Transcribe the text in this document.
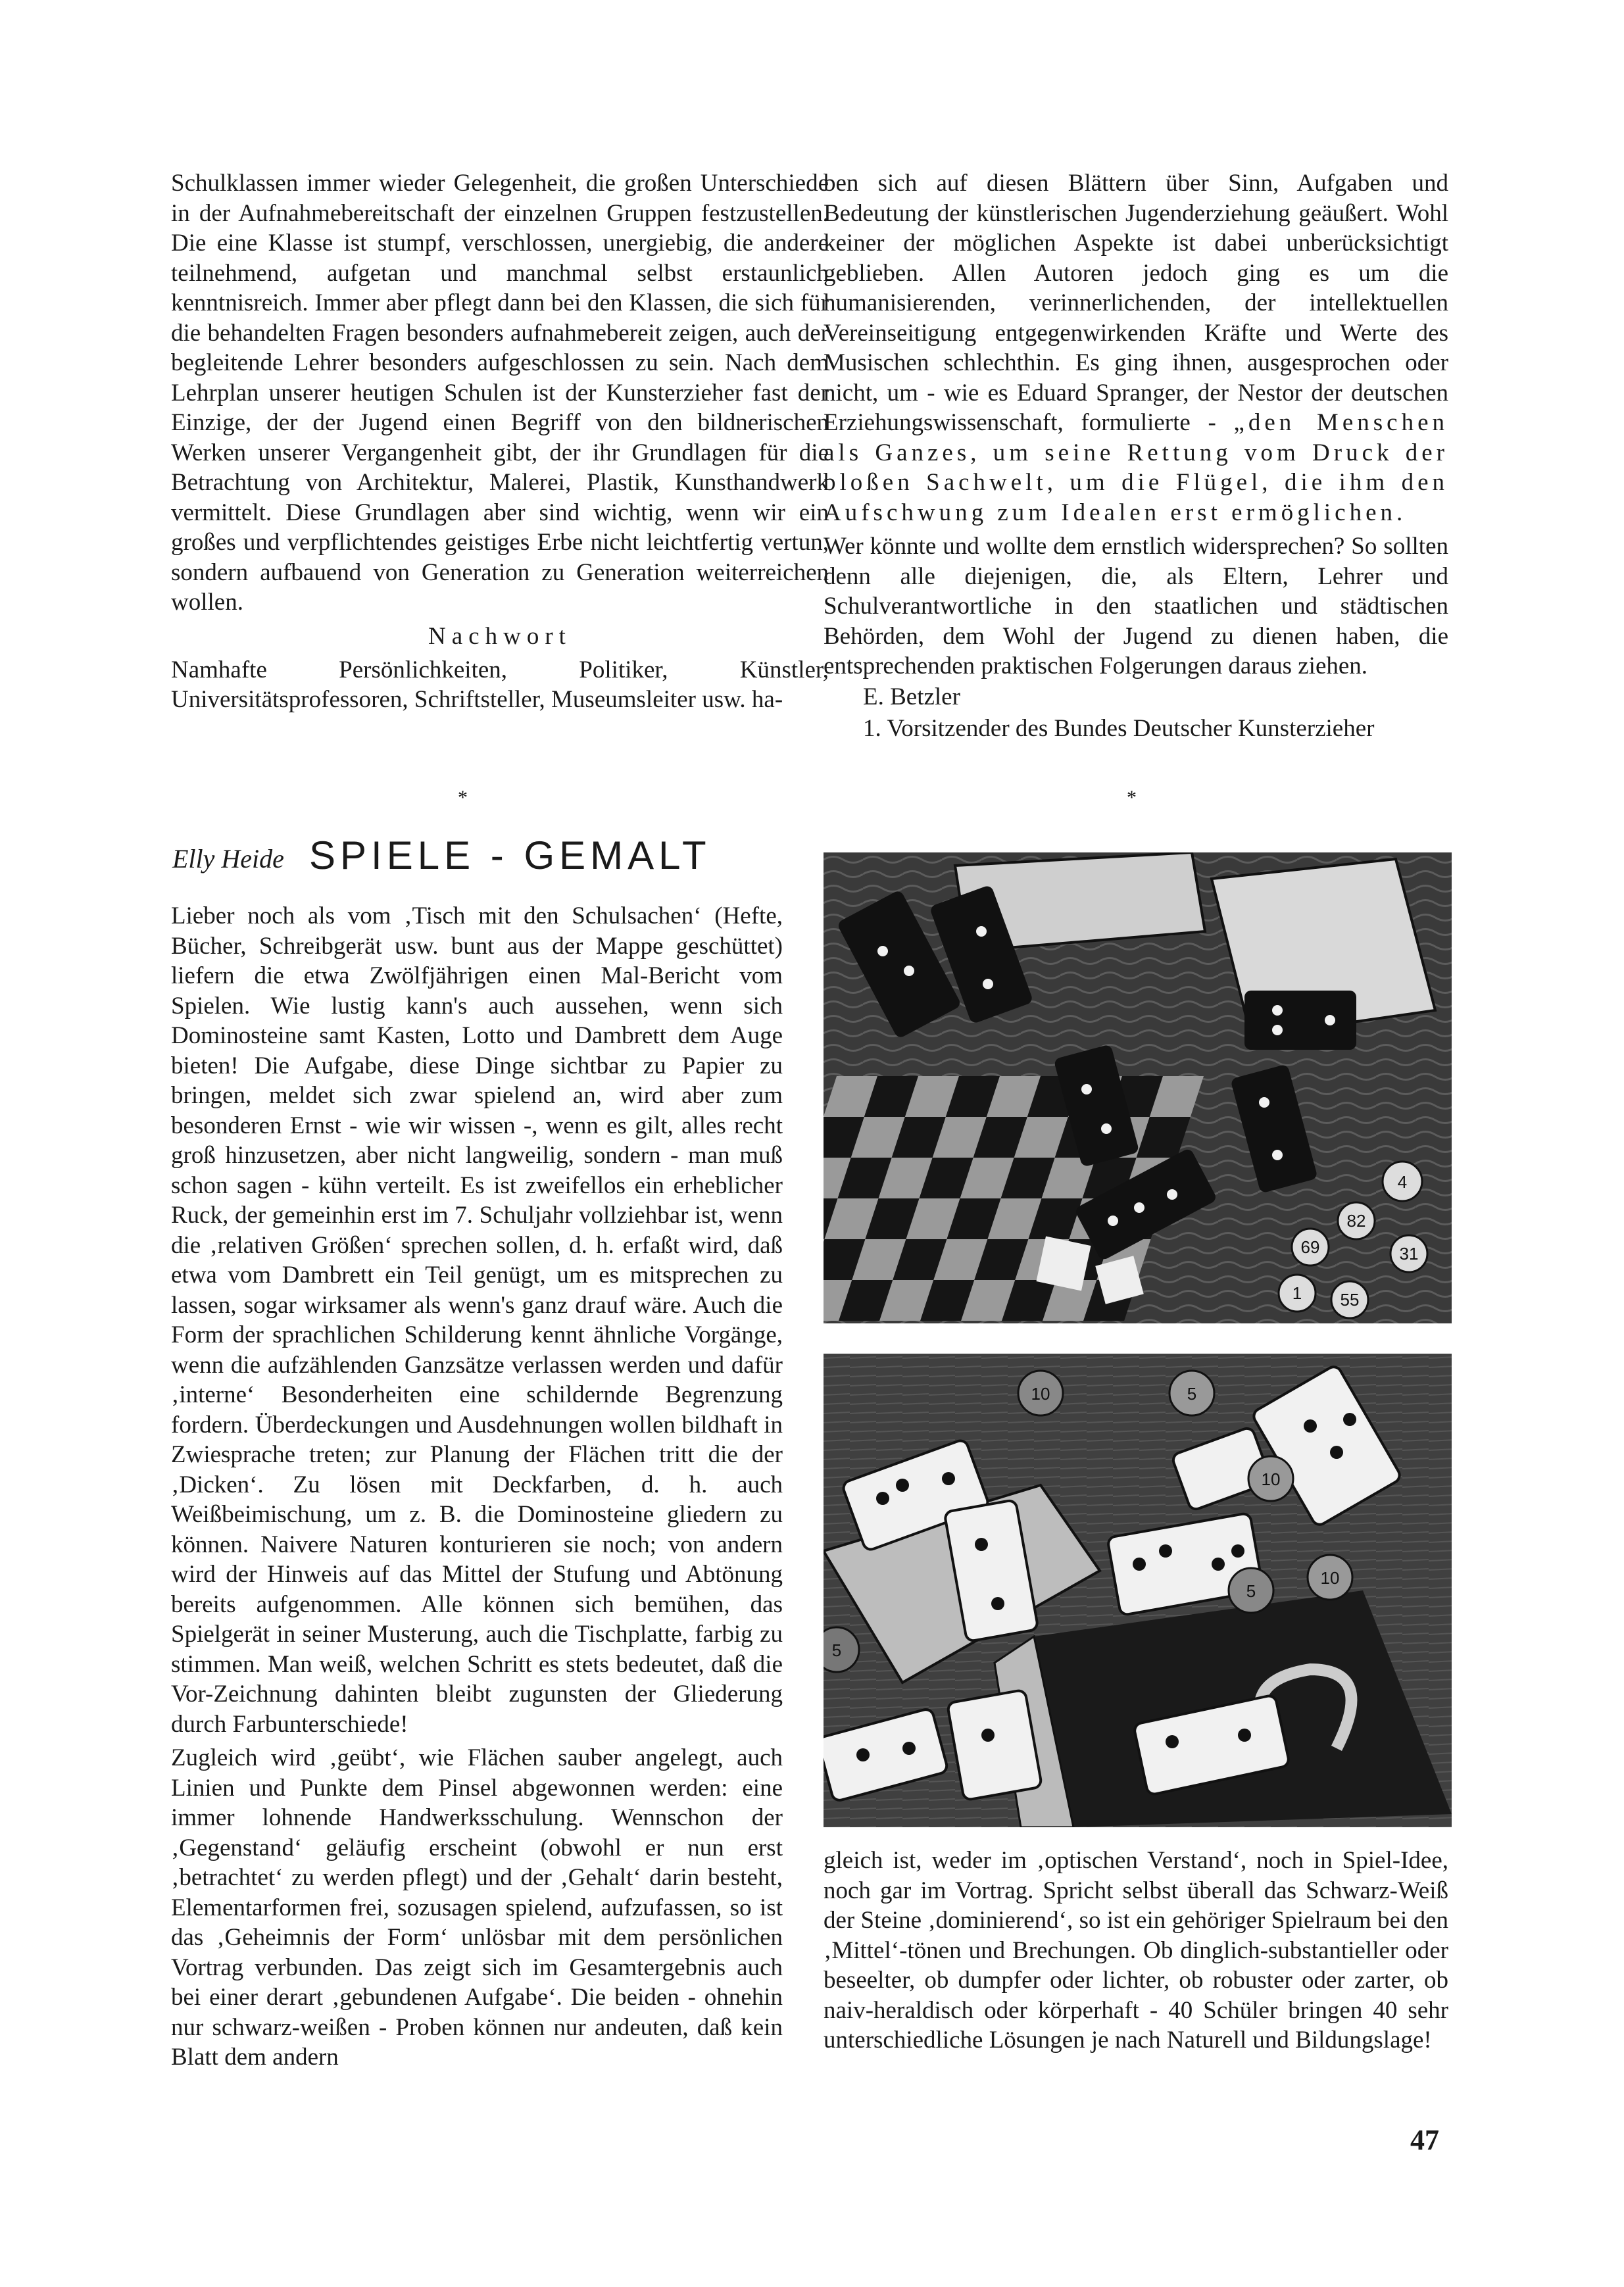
Schulklassen immer wieder Gelegenheit, die großen Unterschiede in der Aufnahmebereitschaft der einzelnen Gruppen festzustellen. Die eine Klasse ist stumpf, verschlossen, unergiebig, die andere teilnehmend, aufgetan und manchmal selbst erstaunlich kenntnisreich. Immer aber pflegt dann bei den Klassen, die sich für die behandelten Fragen besonders aufnahmebereit zeigen, auch der begleitende Lehrer besonders aufgeschlossen zu sein. Nach dem Lehrplan unserer heutigen Schulen ist der Kunsterzieher fast der Einzige, der der Jugend einen Begriff von den bildnerischen Werken unserer Vergangenheit gibt, der ihr Grundlagen für die Betrachtung von Architektur, Malerei, Plastik, Kunsthandwerk vermittelt. Diese Grundlagen aber sind wichtig, wenn wir ein großes und verpflichtendes geistiges Erbe nicht leichtfertig vertun, sondern aufbauend von Generation zu Generation weiterreichen wollen.

Nachwort

Namhafte Persönlichkeiten, Politiker, Künstler, Universitätsprofessoren, Schriftsteller, Museumsleiter usw. ha-

ben sich auf diesen Blättern über Sinn, Aufgaben und Bedeutung der künstlerischen Jugenderziehung geäußert. Wohl keiner der möglichen Aspekte ist dabei unberücksichtigt geblieben. Allen Autoren jedoch ging es um die humanisierenden, verinnerlichenden, der intellektuellen Vereinseitigung entgegenwirkenden Kräfte und Werte des Musischen schlechthin. Es ging ihnen, ausgesprochen oder nicht, um - wie es Eduard Spranger, der Nestor der deutschen Erziehungswissenschaft, formulierte - „den Menschen als Ganzes, um seine Rettung vom Druck der bloßen Sachwelt, um die Flügel, die ihm den Aufschwung zum Idealen erst ermöglichen.

Wer könnte und wollte dem ernstlich widersprechen? So sollten denn alle diejenigen, die, als Eltern, Lehrer und Schulverantwortliche in den staatlichen und städtischen Behörden, dem Wohl der Jugend zu dienen haben, die entsprechenden praktischen Folgerungen daraus ziehen.

E. Betzler

1. Vorsitzender des Bundes Deutscher Kunsterzieher

*	*
Elly Heide SPIELE - GEMALT

Lieber noch als vom ‚Tisch mit den Schulsachen‘ (Hefte, Bücher, Schreibgerät usw. bunt aus der Mappe geschüttet) liefern die etwa Zwölfjährigen einen Mal-Bericht vom Spielen. Wie lustig kann's auch aussehen, wenn sich Dominosteine samt Kasten, Lotto und Dambrett dem Auge bieten! Die Aufgabe, diese Dinge sichtbar zu Papier zu bringen, meldet sich zwar spielend an, wird aber zum besonderen Ernst - wie wir wissen -, wenn es gilt, alles recht groß hinzusetzen, aber nicht langweilig, sondern - man muß schon sagen - kühn verteilt. Es ist zweifellos ein erheblicher Ruck, der gemeinhin erst im 7. Schuljahr vollziehbar ist, wenn die ‚relativen Größen‘ sprechen sollen, d. h. erfaßt wird, daß etwa vom Dambrett ein Teil genügt, um es mitsprechen zu lassen, sogar wirksamer als wenn's ganz drauf wäre. Auch die Form der sprachlichen Schilderung kennt ähnliche Vorgänge, wenn die aufzählenden Ganzsätze verlassen werden und dafür ‚interne‘ Besonderheiten eine schildernde Begrenzung fordern. Überdeckungen und Ausdehnungen wollen bildhaft in Zwiesprache treten; zur Planung der Flächen tritt die der ‚Dicken‘. Zu lösen mit Deckfarben, d. h. auch Weißbeimischung, um z. B. die Dominosteine gliedern zu können. Naivere Naturen konturieren sie noch; von andern wird der Hinweis auf das Mittel der Stufung und Abtönung bereits aufgenommen. Alle können sich bemühen, das Spielgerät in seiner Musterung, auch die Tischplatte, farbig zu stimmen. Man weiß, welchen Schritt es stets bedeutet, daß die Vor-Zeichnung dahinten bleibt zugunsten der Gliederung durch Farbunterschiede!

Zugleich wird ‚geübt‘, wie Flächen sauber angelegt, auch Linien und Punkte dem Pinsel abgewonnen werden: eine immer lohnende Handwerksschulung. Wennschon der ‚Gegenstand‘ geläufig erscheint (obwohl er nun erst ‚betrachtet‘ zu werden pflegt) und der ‚Gehalt‘ darin besteht, Elementarformen frei, sozusagen spielend, aufzufassen, so ist das ‚Geheimnis der Form‘ unlösbar mit dem persönlichen Vortrag verbunden. Das zeigt sich im Gesamtergebnis auch bei einer derart ‚gebundenen Aufgabe‘. Die beiden - ohnehin nur schwarz-weißen - Proben können nur andeuten, daß kein Blatt dem andern

4
82
69	31
1 55
10	5
10
5
10
5

gleich ist, weder im ‚optischen Verstand‘, noch in Spiel-Idee, noch gar im Vortrag. Spricht selbst überall das Schwarz-Weiß der Steine ‚dominierend‘, so ist ein gehöriger Spielraum bei den ‚Mittel‘-tönen und Brechungen. Ob dinglich-substantieller oder beseelter, ob dumpfer oder lichter, ob robuster oder zarter, ob naiv-heraldisch oder körperhaft - 40 Schüler bringen 40 sehr unterschiedliche Lösungen je nach Naturell und Bildungslage!

47
